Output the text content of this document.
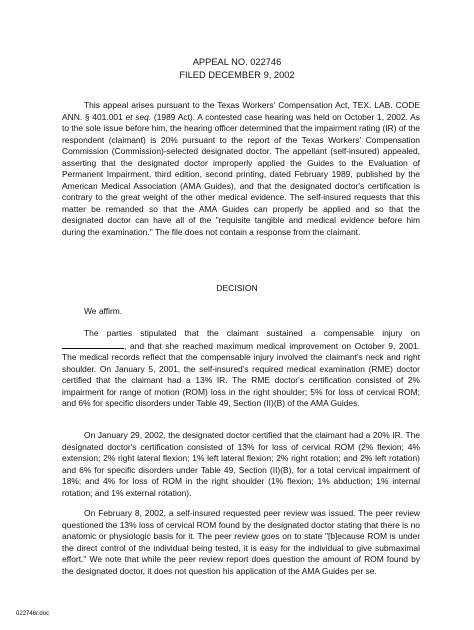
APPEAL NO. 022746
FILED DECEMBER 9, 2002

This appeal arises pursuant to the Texas Workers' Compensation Act, TEX. LAB. CODE ANN. § 401.001 et seq. (1989 Act). A contested case hearing was held on October 1, 2002. As to the sole issue before him, the hearing officer determined that the impairment rating (IR) of the respondent (claimant) is 20% pursuant to the report of the Texas Workers' Compensation Commission (Commission)-selected designated doctor. The appellant (self-insured) appealed, asserting that the designated doctor improperly applied the Guides to the Evaluation of Permanent Impairment, third edition, second printing, dated February 1989, published by the American Medical Association (AMA Guides), and that the designated doctor's certification is contrary to the great weight of the other medical evidence. The self-insured requests that this matter be remanded so that the AMA Guides can properly be applied and so that the designated doctor can have all of the "requisite tangible and medical evidence before him during the examination." The file does not contain a response from the claimant.

DECISION

We affirm.

The parties stipulated that the claimant sustained a compensable injury on , and that she reached maximum medical improvement on October 9, 2001. The medical records reflect that the compensable injury involved the claimant's neck and right shoulder. On January 5, 2001, the self-insured's required medical examination (RME) doctor certified that the claimant had a 13% IR. The RME doctor's certification consisted of 2% impairment for range of motion (ROM) loss in the right shoulder; 5% for loss of cervical ROM; and 6% for specific disorders under Table 49, Section (II)(B) of the AMA Guides.

On January 29, 2002, the designated doctor certified that the claimant had a 20% IR. The designated doctor's certification consisted of 13% for loss of cervical ROM (2% flexion; 4% extension; 2% right lateral flexion; 1% left lateral flexion; 2% right rotation; and 2% left rotation) and 6% for specific disorders under Table 49, Section (II)(B), for a total cervical impairment of 18%; and 4% for loss of ROM in the right shoulder (1% flexion; 1% abduction; 1% internal rotation; and 1% external rotation).

On February 8, 2002, a self-insured requested peer review was issued. The peer review questioned the 13% loss of cervical ROM found by the designated doctor stating that there is no anatomic or physiologic basis for it. The peer review goes on to state "[b]ecause ROM is under the direct control of the individual being tested, it is easy for the individual to give submaximal effort." We note that while the peer review report does question the amount of ROM found by the designated doctor, it does not question his application of the AMA Guides per se.

022746r.doc
